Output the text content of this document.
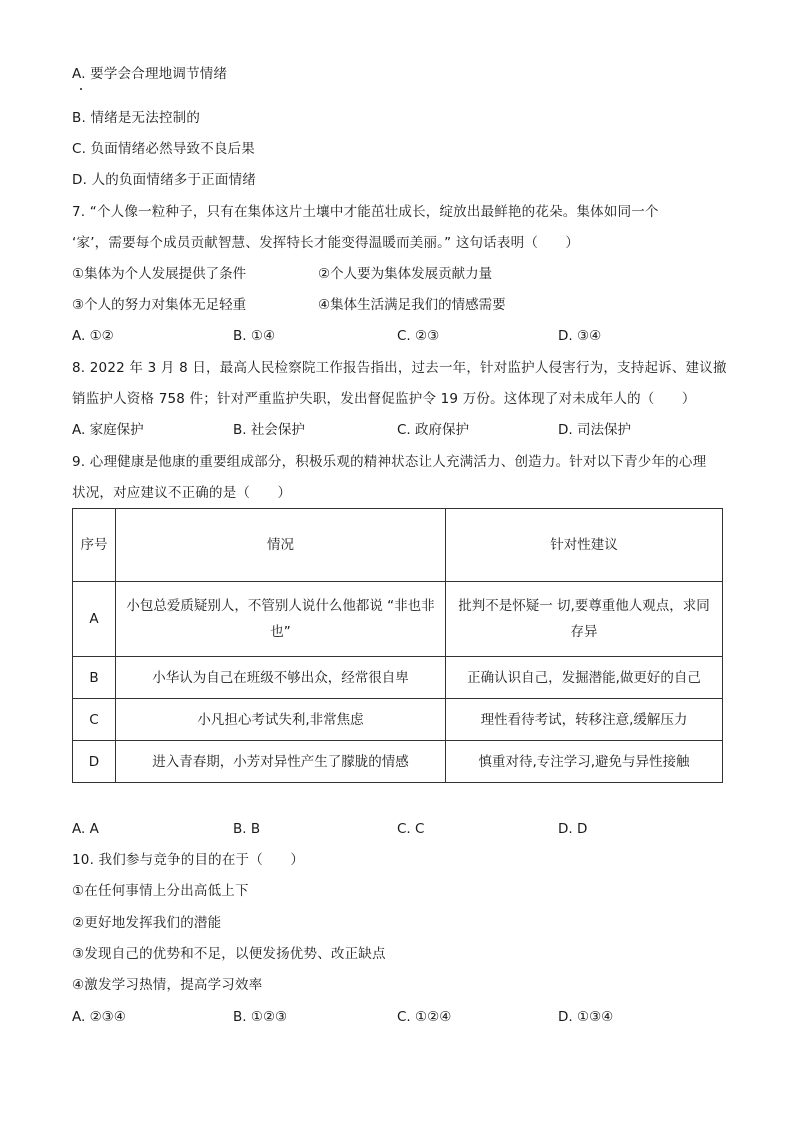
A. 要学会合理地调节情绪
B. 情绪是无法控制的
C. 负面情绪必然导致不良后果
D. 人的负面情绪多于正面情绪
7. “个人像一粒种子，只有在集体这片土壤中才能茁壮成长，绽放出最鲜艳的花朵。集体如同一个
‘家’，需要每个成员贡献智慧、发挥特长才能变得温暖而美丽。” 这句话表明（　　）
①集体为个人发展提供了条件	②个人要为集体发展贡献力量
③个人的努力对集体无足轻重	④集体生活满足我们的情感需要
A. ①②	B. ①④	C. ②③	D. ③④
8. 2022 年 3 月 8 日，最高人民检察院工作报告指出，过去一年，针对监护人侵害行为，支持起诉、建议撤
销监护人资格 758 件；针对严重监护失职，发出督促监护令 19 万份。这体现了对未成年人的（　　）
A. 家庭保护	B. 社会保护	C. 政府保护	D. 司法保护
9. 心理健康是他康的重要组成部分，积极乐观的精神状态让人充满活力、创造力。针对以下青少年的心理
状况，对应建议不正确的是（　　）
序号	情况	针对性建议
A	小包总爱质疑别人，不管别人说什么他都说 “非也非也”	批判不是怀疑一 切,要尊重他人观点，求同存异
B	小华认为自己在班级不够出众，经常很自卑	正确认识自己，发掘潜能,做更好的自己
C	小凡担心考试失利,非常焦虑	理性看待考试，转移注意,缓解压力
D	进入青春期，小芳对异性产生了朦胧的情感	慎重对待,专注学习,避免与异性接触
A. A	B. B	C. C	D. D
10. 我们参与竞争的目的在于（　　）
①在任何事情上分出高低上下
②更好地发挥我们的潜能
③发现自己的优势和不足，以便发扬优势、改正缺点
④激发学习热情，提高学习效率
A. ②③④	B. ①②③	C. ①②④	D. ①③④
